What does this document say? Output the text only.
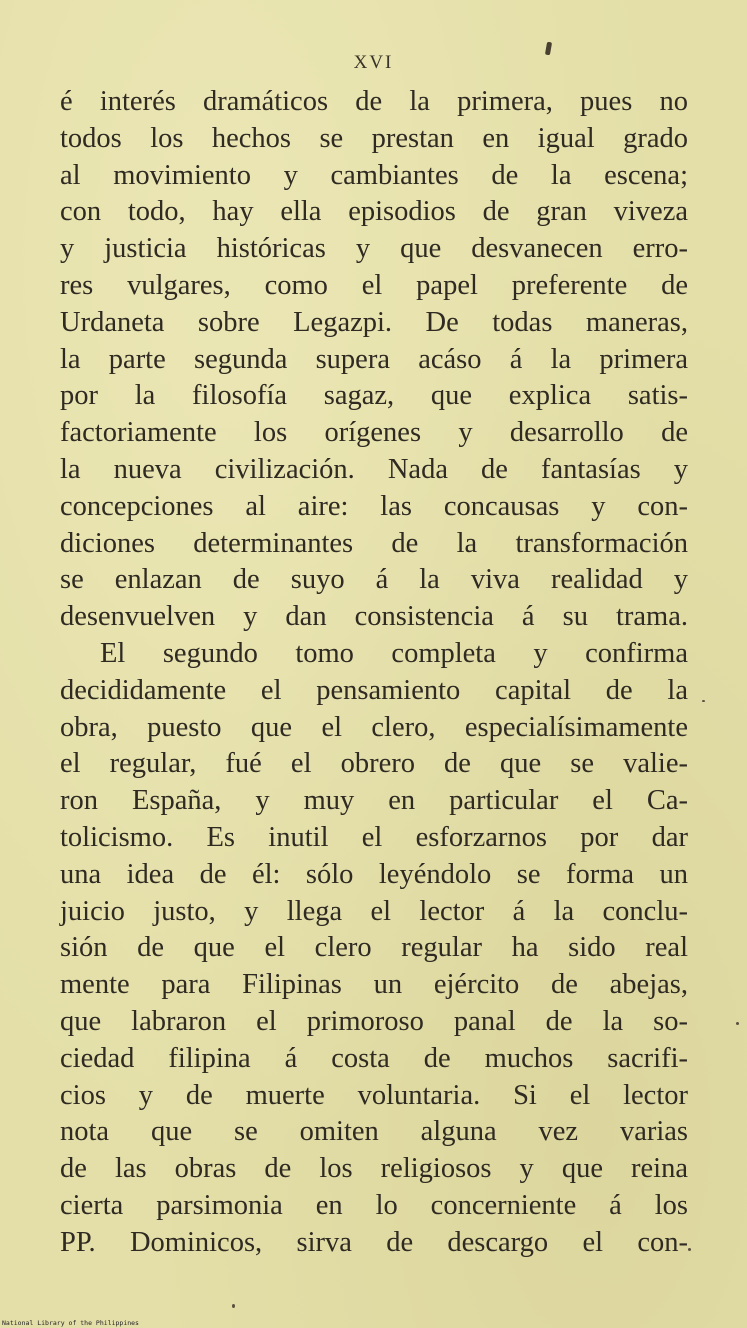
XVI
é interés dramáticos de la primera, pues no
todos los hechos se prestan en igual grado
al movimiento y cambiantes de la escena;
con todo, hay ella episodios de gran viveza
y justicia históricas y que desvanecen erro-
res vulgares, como el papel preferente de
Urdaneta sobre Legazpi. De todas maneras,
la parte segunda supera acáso á la primera
por la filosofía sagaz, que explica satis-
factoriamente los orígenes y desarrollo de
la nueva civilización. Nada de fantasías y
concepciones al aire: las concausas y con-
diciones determinantes de la transformación
se enlazan de suyo á la viva realidad y
desenvuelven y dan consistencia á su trama.
El segundo tomo completa y confirma
decididamente el pensamiento capital de la
obra, puesto que el clero, especialísimamente
el regular, fué el obrero de que se valie-
ron España, y muy en particular el Ca-
tolicismo. Es inutil el esforzarnos por dar
una idea de él: sólo leyéndolo se forma un
juicio justo, y llega el lector á la conclu-
sión de que el clero regular ha sido real
mente para Filipinas un ejército de abejas,
que labraron el primoroso panal de la so-
ciedad filipina á costa de muchos sacrifi-
cios y de muerte voluntaria. Si el lector
nota que se omiten alguna vez varias
de las obras de los religiosos y que reina
cierta parsimonia en lo concerniente á los
PP. Dominicos, sirva de descargo el con-
National Library of the Philippines
